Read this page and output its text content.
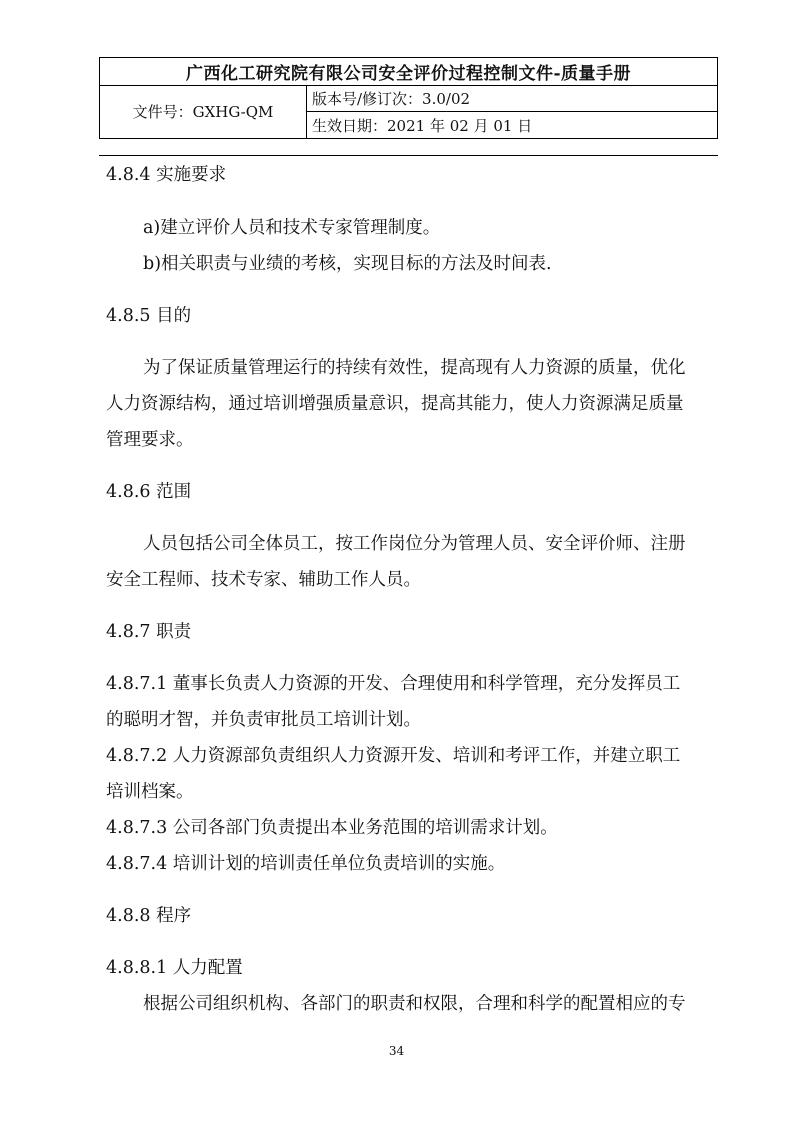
广西化工研究院有限公司安全评价过程控制文件-质量手册
文件号：GXHG-QM
版本号/修订次：3.0/02
生效日期：2021 年 02 月 01 日
4.8.4 实施要求
a)建立评价人员和技术专家管理制度。
b)相关职责与业绩的考核，实现目标的方法及时间表.
4.8.5 目的
为了保证质量管理运行的持续有效性，提高现有人力资源的质量，优化
人力资源结构，通过培训增强质量意识，提高其能力，使人力资源满足质量
管理要求。
4.8.6 范围
人员包括公司全体员工，按工作岗位分为管理人员、安全评价师、注册
安全工程师、技术专家、辅助工作人员。
4.8.7 职责
4.8.7.1 董事长负责人力资源的开发、合理使用和科学管理，充分发挥员工
的聪明才智，并负责审批员工培训计划。
4.8.7.2 人力资源部负责组织人力资源开发、培训和考评工作，并建立职工
培训档案。
4.8.7.3 公司各部门负责提出本业务范围的培训需求计划。
4.8.7.4 培训计划的培训责任单位负责培训的实施。
4.8.8 程序
4.8.8.1 人力配置
根据公司组织机构、各部门的职责和权限，合理和科学的配置相应的专
34
